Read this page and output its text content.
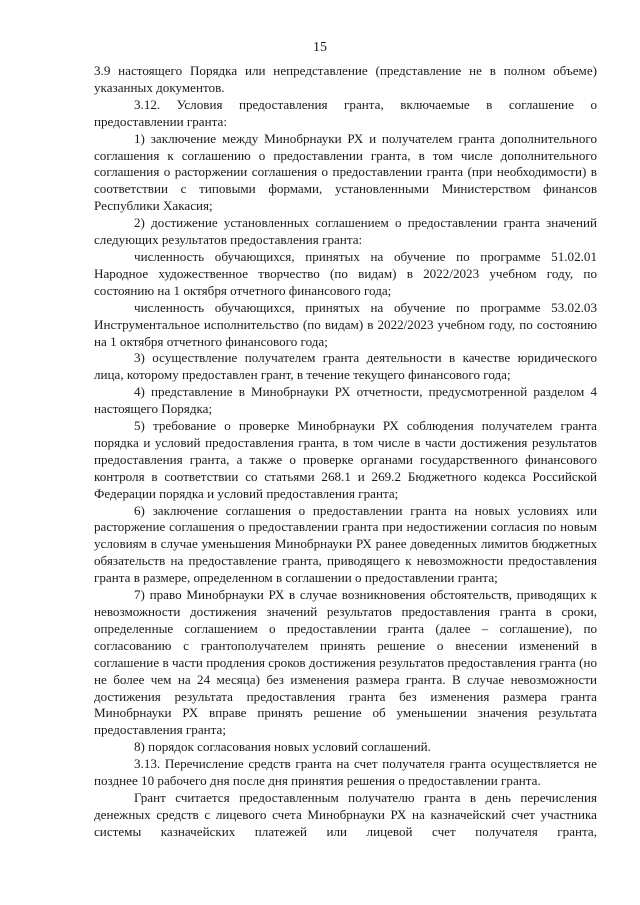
15

3.9 настоящего Порядка или непредставление (представление не в полном объеме) указанных документов.

3.12. Условия предоставления гранта, включаемые в соглашение о предоставлении гранта:

1) заключение между Минобрнауки РХ и получателем гранта дополнительного соглашения к соглашению о предоставлении гранта, в том числе дополнительного соглашения о расторжении соглашения о предоставлении гранта (при необходимости) в соответствии с типовыми формами, установленными Министерством финансов Республики Хакасия;

2) достижение установленных соглашением о предоставлении гранта значений следующих результатов предоставления гранта:

численность обучающихся, принятых на обучение по программе 51.02.01 Народное художественное творчество (по видам) в 2022/2023 учебном году, по состоянию на 1 октября отчетного финансового года;

численность обучающихся, принятых на обучение по программе 53.02.03 Инструментальное исполнительство (по видам) в 2022/2023 учебном году, по состоянию на 1 октября отчетного финансового года;

3) осуществление получателем гранта деятельности в качестве юридического лица, которому предоставлен грант, в течение текущего финансового года;

4) представление в Минобрнауки РХ отчетности, предусмотренной разделом 4 настоящего Порядка;

5) требование о проверке Минобрнауки РХ соблюдения получателем гранта порядка и условий предоставления гранта, в том числе в части достижения результатов предоставления гранта, а также о проверке органами государственного финансового контроля в соответствии со статьями 268.1 и 269.2 Бюджетного кодекса Российской Федерации порядка и условий предоставления гранта;

6) заключение соглашения о предоставлении гранта на новых условиях или расторжение соглашения о предоставлении гранта при недостижении согласия по новым условиям в случае уменьшения Минобрнауки РХ ранее доведенных лимитов бюджетных обязательств на предоставление гранта, приводящего к невозможности предоставления гранта в размере, определенном в соглашении о предоставлении гранта;

7) право Минобрнауки РХ в случае возникновения обстоятельств, приводящих к невозможности достижения значений результатов предоставления гранта в сроки, определенные соглашением о предоставлении гранта (далее – соглашение), по согласованию с грантополучателем принять решение о внесении изменений в соглашение в части продления сроков достижения результатов предоставления гранта (но не более чем на 24 месяца) без изменения размера гранта. В случае невозможности достижения результата предоставления гранта без изменения размера гранта Минобрнауки РХ вправе принять решение об уменьшении значения результата предоставления гранта;

8) порядок согласования новых условий соглашений.

3.13. Перечисление средств гранта на счет получателя гранта осуществляется не позднее 10 рабочего дня после дня принятия решения о предоставлении гранта.

Грант считается предоставленным получателю гранта в день перечисления денежных средств с лицевого счета Минобрнауки РХ на казначейский счет участника системы казначейских платежей или лицевой счет получателя гранта,
